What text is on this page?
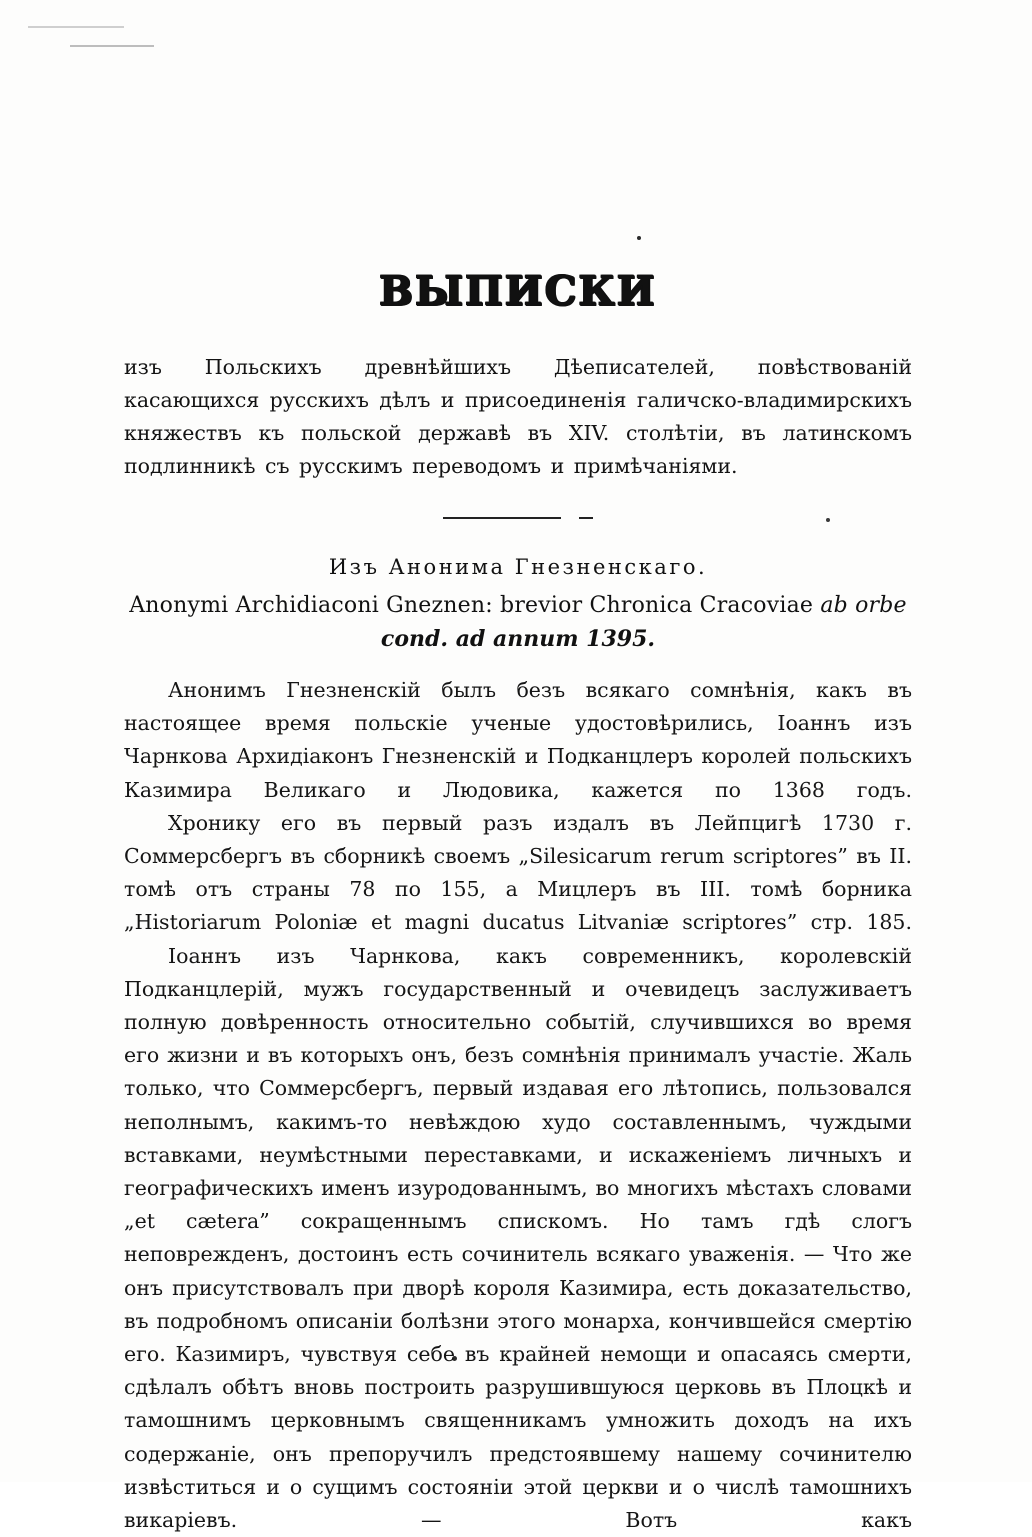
ВЫПИСКИ

изъ Польскихъ древнѣйшихъ Дѣеписателей, повѣствованій касающихся русскихъ дѣлъ и присоединенія галичско-владимирскихъ княжествъ къ польской державѣ въ XIV. столѣтіи, въ латинскомъ подлинникѣ съ русскимъ переводомъ и примѣчаніями.

Изъ Анонима Гнезненскаго.

Anonymi Archidiaconi Gneznen: brevior Chronica Cracoviae ab orbe

cond. ad annum 1395.

Анонимъ Гнезненскій былъ безъ всякаго сомнѣнія, какъ въ настоящее время польскіе ученые удостовѣрились, Іоаннъ изъ Чарнкова Архидіаконъ Гнезненскій и Подканцлеръ королей польскихъ Казимира Великаго и Людовика, кажется по 1368 годъ.

Хронику его въ первый разъ издалъ въ Лейпцигѣ 1730 г. Соммерсбергъ въ сборникѣ своемъ „Silesicarum rerum scriptores” въ II. томѣ отъ страны 78 по 155, а Мицлеръ въ III. томѣ борника „Historiarum Poloniæ et magni ducatus Litvaniæ scriptores” стр. 185.

Іоаннъ изъ Чарнкова, какъ современникъ, королевскій Подканцлерій, мужъ государственный и очевидецъ заслуживаетъ полную довѣренность относительно событій, случившихся во время его жизни и въ которыхъ онъ, безъ сомнѣнія принималъ участіе. Жаль только, что Соммерсбергъ, первый издавая его лѣтопись, пользовался неполнымъ, какимъ-то невѣждою худо составленнымъ, чуждыми вставками, неумѣстными переставками, и искаженіемъ личныхъ и географическихъ именъ изуродованнымъ, во многихъ мѣстахъ словами „et cætera” сокращеннымъ спискомъ. Но тамъ гдѣ слогъ неповрежденъ, достоинъ есть сочинитель всякаго уваженія. — Что же онъ присутствовалъ при дворѣ короля Казимира, есть доказательство, въ подробномъ описаніи болѣзни этого монарха, кончившейся смертію его. Казимиръ, чувствуя себе въ крайней немощи и опасаясь смерти, сдѣлалъ обѣтъ вновь построить разрушившуюся церковь въ Плоцкѣ и тамошнимъ церковнымъ священникамъ умножить доходъ на ихъ содержаніе, онъ препоручилъ предстоявшему нашему сочинителю извѣститься и о сущимъ состояніи этой церкви и о числѣ тамошнихъ викаріевъ. — Вотъ какъ
